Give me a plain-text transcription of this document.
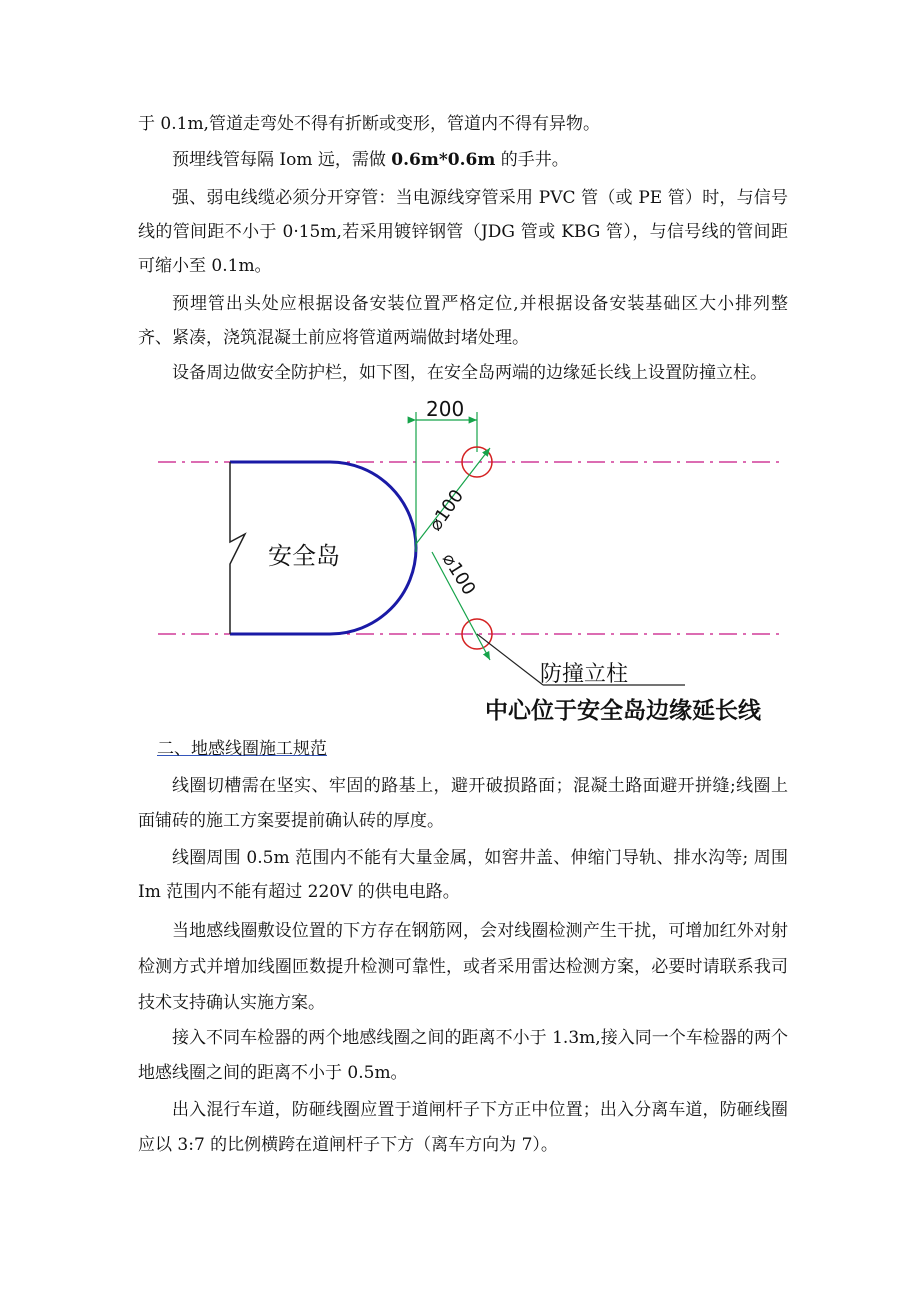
于 0.1m,管道走弯处不得有折断或变形，管道内不得有异物。

预埋线管每隔 Iom 远，需做 0.6m*0.6m 的手井。

强、弱电线缆必须分开穿管：当电源线穿管采用 PVC 管（或 PE 管）时，与信号线的管间距不小于 0·15m,若采用镀锌钢管（JDG 管或 KBG 管），与信号线的管间距可缩小至 0.1m。

预埋管出头处应根据设备安装位置严格定位,并根据设备安装基础区大小排列整齐、紧凑，浇筑混凝土前应将管道两端做封堵处理。

设备周边做安全防护栏，如下图，在安全岛两端的边缘延长线上设置防撞立柱。

安全岛
200
⌀100
⌀100
防撞立柱
中心位于安全岛边缘延长线
二、地感线圈施工规范

线圈切槽需在坚实、牢固的路基上，避开破损路面；混凝土路面避开拼缝;线圈上面铺砖的施工方案要提前确认砖的厚度。

线圈周围 0.5m 范围内不能有大量金属，如窖井盖、伸缩门导轨、排水沟等; 周围 Im 范围内不能有超过 220V 的供电电路。

当地感线圈敷设位置的下方存在钢筋网，会对线圈检测产生干扰，可增加红外对射检测方式并增加线圈匝数提升检测可靠性，或者采用雷达检测方案，必要时请联系我司技术支持确认实施方案。

接入不同车检器的两个地感线圈之间的距离不小于 1.3m,接入同一个车检器的两个地感线圈之间的距离不小于 0.5m。

出入混行车道，防砸线圈应置于道闸杆子下方正中位置；出入分离车道，防砸线圈应以 3:7 的比例横跨在道闸杆子下方（离车方向为 7）。
